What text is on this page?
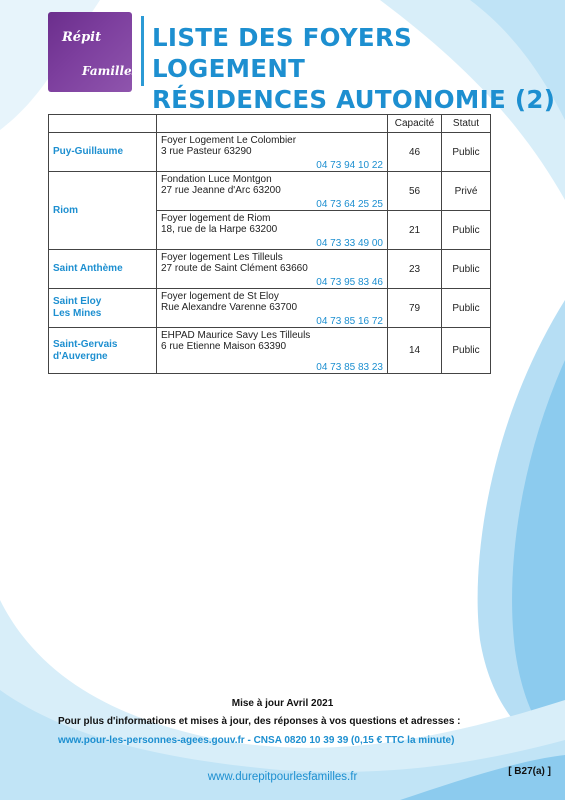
Répit
Familles
LISTE DES FOYERS LOGEMENT
RÉSIDENCES AUTONOMIE (2)
		Capacité	Statut
Puy-Guillaume	Foyer Logement Le Colombier
3 rue Pasteur 63290
04 73 94 10 22	46	Public
Riom	Fondation Luce Montgon
27 rue Jeanne d'Arc 63200
04 73 64 25 25	56	Privé
	Foyer logement de Riom
18, rue de la Harpe 63200
04 73 33 49 00	21	Public
Saint Anthème	Foyer logement Les Tilleuls
27 route de Saint Clément 63660
04 73 95 83 46	23	Public
Saint Eloy
Les Mines	Foyer logement de St Eloy
Rue Alexandre Varenne 63700
04 73 85 16 72	79	Public
Saint-Gervais
d'Auvergne	EHPAD Maurice Savy Les Tilleuls
6 rue Etienne Maison 63390
04 73 85 83 23	14	Public
Mise à jour Avril 2021
Pour plus d'informations et mises à jour, des réponses à vos questions et adresses :
www.pour-les-personnes-agees.gouv.fr - CNSA 0820 10 39 39 (0,15 € TTC la minute)
www.durepitpourlesfamilles.fr	[ B27(a) ]
